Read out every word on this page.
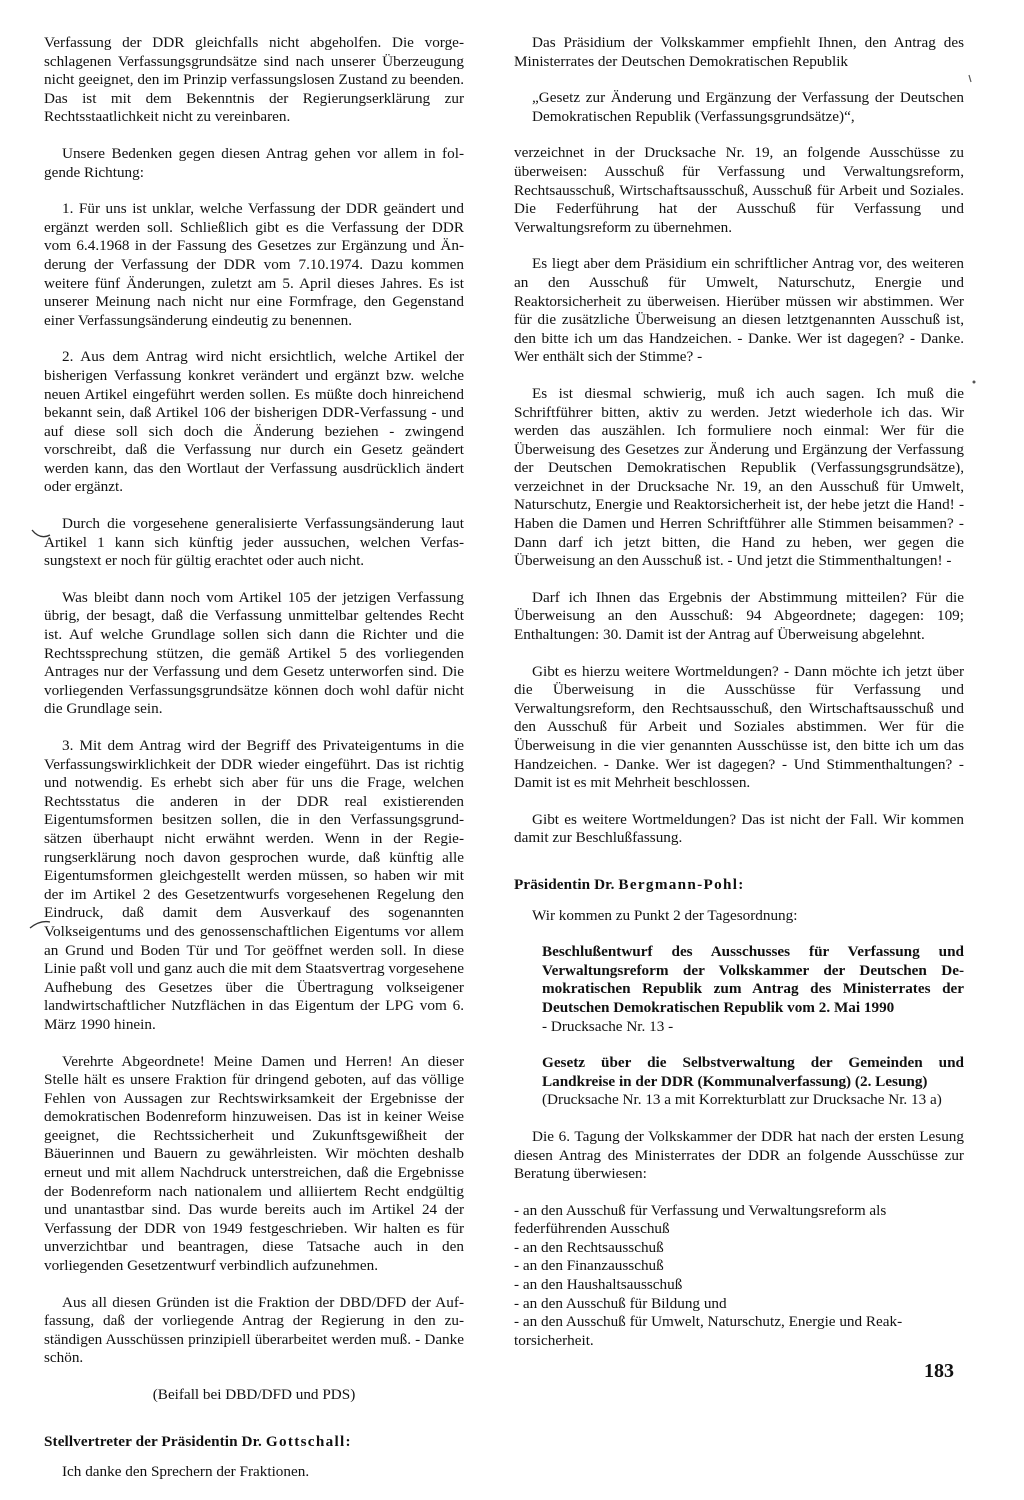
Verfassung der DDR gleichfalls nicht abgeholfen. Die vorgeschlagenen Verfassungsgrundsätze sind nach unserer Überzeugung nicht geeignet, den im Prinzip verfassungslosen Zustand zu beenden. Das ist mit dem Bekenntnis der Regierungserklärung zur Rechtsstaatlichkeit nicht zu vereinbaren.

Unsere Bedenken gegen diesen Antrag gehen vor allem in folgende Richtung:

1. Für uns ist unklar, welche Verfassung der DDR geändert und ergänzt werden soll. Schließlich gibt es die Verfassung der DDR vom 6.4.1968 in der Fassung des Gesetzes zur Ergänzung und Änderung der Verfassung der DDR vom 7.10.1974. Dazu kommen weitere fünf Änderungen, zuletzt am 5. April dieses Jahres. Es ist unserer Meinung nach nicht nur eine Formfrage, den Gegenstand einer Verfassungsänderung eindeutig zu benennen.

2. Aus dem Antrag wird nicht ersichtlich, welche Artikel der bisherigen Verfassung konkret verändert und ergänzt bzw. welche neuen Artikel eingeführt werden sollen. Es müßte doch hinreichend bekannt sein, daß Artikel 106 der bisherigen DDR-Verfassung - und auf diese soll sich doch die Änderung beziehen - zwingend vorschreibt, daß die Verfassung nur durch ein Gesetz geändert werden kann, das den Wortlaut der Verfassung ausdrücklich ändert oder ergänzt.

Durch die vorgesehene generalisierte Verfassungsänderung laut Artikel 1 kann sich künftig jeder aussuchen, welchen Verfassungstext er noch für gültig erachtet oder auch nicht.

Was bleibt dann noch vom Artikel 105 der jetzigen Verfassung übrig, der besagt, daß die Verfassung unmittelbar geltendes Recht ist. Auf welche Grundlage sollen sich dann die Richter und die Rechtssprechung stützen, die gemäß Artikel 5 des vorliegenden Antrages nur der Verfassung und dem Gesetz unterworfen sind. Die vorliegenden Verfassungsgrundsätze können doch wohl dafür nicht die Grundlage sein.

3. Mit dem Antrag wird der Begriff des Privateigentums in die Verfassungswirklichkeit der DDR wieder eingeführt. Das ist richtig und notwendig. Es erhebt sich aber für uns die Frage, welchen Rechtsstatus die anderen in der DDR real existierenden Eigentumsformen besitzen sollen, die in den Verfassungsgrundsätzen überhaupt nicht erwähnt werden. Wenn in der Regierungserklärung noch davon gesprochen wurde, daß künftig alle Eigentumsformen gleichgestellt werden müssen, so haben wir mit der im Artikel 2 des Gesetzentwurfs vorgesehenen Regelung den Eindruck, daß damit dem Ausverkauf des sogenannten Volkseigentums und des genossenschaftlichen Eigentums vor allem an Grund und Boden Tür und Tor geöffnet werden soll. In diese Linie paßt voll und ganz auch die mit dem Staatsvertrag vorgesehene Aufhebung des Gesetzes über die Übertragung volkseigener landwirtschaftlicher Nutzflächen in das Eigentum der LPG vom 6. März 1990 hinein.

Verehrte Abgeordnete! Meine Damen und Herren! An dieser Stelle hält es unsere Fraktion für dringend geboten, auf das völlige Fehlen von Aussagen zur Rechtswirksamkeit der Ergebnisse der demokratischen Bodenreform hinzuweisen. Das ist in keiner Weise geeignet, die Rechtssicherheit und Zukunftsgewißheit der Bäuerinnen und Bauern zu gewährleisten. Wir möchten deshalb erneut und mit allem Nachdruck unterstreichen, daß die Ergebnisse der Bodenreform nach nationalem und alliiertem Recht endgültig und unantastbar sind. Das wurde bereits auch im Artikel 24 der Verfassung der DDR von 1949 festgeschrieben. Wir halten es für unverzichtbar und beantragen, diese Tatsache auch in den vorliegenden Gesetzentwurf verbindlich aufzunehmen.

Aus all diesen Gründen ist die Fraktion der DBD/DFD der Auffassung, daß der vorliegende Antrag der Regierung in den zuständigen Ausschüssen prinzipiell überarbeitet werden muß. - Danke schön.

(Beifall bei DBD/DFD und PDS)

Stellvertreter der Präsidentin Dr. Gottschall:

Ich danke den Sprechern der Fraktionen.

Das Präsidium der Volkskammer empfiehlt Ihnen, den Antrag des Ministerrates der Deutschen Demokratischen Republik

„Gesetz zur Änderung und Ergänzung der Verfassung der Deutschen Demokratischen Republik (Verfassungsgrundsätze)“,

verzeichnet in der Drucksache Nr. 19, an folgende Ausschüsse zu überweisen: Ausschuß für Verfassung und Verwaltungsreform, Rechtsausschuß, Wirtschaftsausschuß, Ausschuß für Arbeit und Soziales. Die Federführung hat der Ausschuß für Verfassung und Verwaltungsreform zu übernehmen.

Es liegt aber dem Präsidium ein schriftlicher Antrag vor, des weiteren an den Ausschuß für Umwelt, Naturschutz, Energie und Reaktorsicherheit zu überweisen. Hierüber müssen wir abstimmen. Wer für die zusätzliche Überweisung an diesen letztgenannten Ausschuß ist, den bitte ich um das Handzeichen. - Danke. Wer ist dagegen? - Danke. Wer enthält sich der Stimme? -

Es ist diesmal schwierig, muß ich auch sagen. Ich muß die Schriftführer bitten, aktiv zu werden. Jetzt wiederhole ich das. Wir werden das auszählen. Ich formuliere noch einmal: Wer für die Überweisung des Gesetzes zur Änderung und Ergänzung der Verfassung der Deutschen Demokratischen Republik (Verfassungsgrundsätze), verzeichnet in der Drucksache Nr. 19, an den Ausschuß für Umwelt, Naturschutz, Energie und Reaktorsicherheit ist, der hebe jetzt die Hand! - Haben die Damen und Herren Schriftführer alle Stimmen beisammen? - Dann darf ich jetzt bitten, die Hand zu heben, wer gegen die Überweisung an den Ausschuß ist. - Und jetzt die Stimmenthaltungen! -

Darf ich Ihnen das Ergebnis der Abstimmung mitteilen? Für die Überweisung an den Ausschuß: 94 Abgeordnete; dagegen: 109; Enthaltungen: 30. Damit ist der Antrag auf Überweisung abgelehnt.

Gibt es hierzu weitere Wortmeldungen? - Dann möchte ich jetzt über die Überweisung in die Ausschüsse für Verfassung und Verwaltungsreform, den Rechtsausschuß, den Wirtschaftsausschuß und den Ausschuß für Arbeit und Soziales abstimmen. Wer für die Überweisung in die vier genannten Ausschüsse ist, den bitte ich um das Handzeichen. - Danke. Wer ist dagegen? - Und Stimmenthaltungen? - Damit ist es mit Mehrheit beschlossen.

Gibt es weitere Wortmeldungen? Das ist nicht der Fall. Wir kommen damit zur Beschlußfassung.

Präsidentin Dr. Bergmann-Pohl:

Wir kommen zu Punkt 2 der Tagesordnung:

Beschlußentwurf des Ausschusses für Verfassung und Verwaltungsreform der Volkskammer der Deutschen Demokratischen Republik zum Antrag des Ministerrates der Deutschen Demokratischen Republik vom 2. Mai 1990
- Drucksache Nr. 13 -
Gesetz über die Selbstverwaltung der Gemeinden und Landkreise in der DDR (Kommunalverfassung) (2. Lesung)
(Drucksache Nr. 13 a mit Korrekturblatt zur Drucksache Nr. 13 a)

Die 6. Tagung der Volkskammer der DDR hat nach der ersten Lesung diesen Antrag des Ministerrates der DDR an folgende Ausschüsse zur Beratung überwiesen:

- an den Ausschuß für Verfassung und Verwaltungsreform als federführenden Ausschuß
- an den Rechtsausschuß
- an den Finanzausschuß
- an den Haushaltsausschuß
- an den Ausschuß für Bildung und
- an den Ausschuß für Umwelt, Naturschutz, Energie und Reaktorsicherheit.
183
